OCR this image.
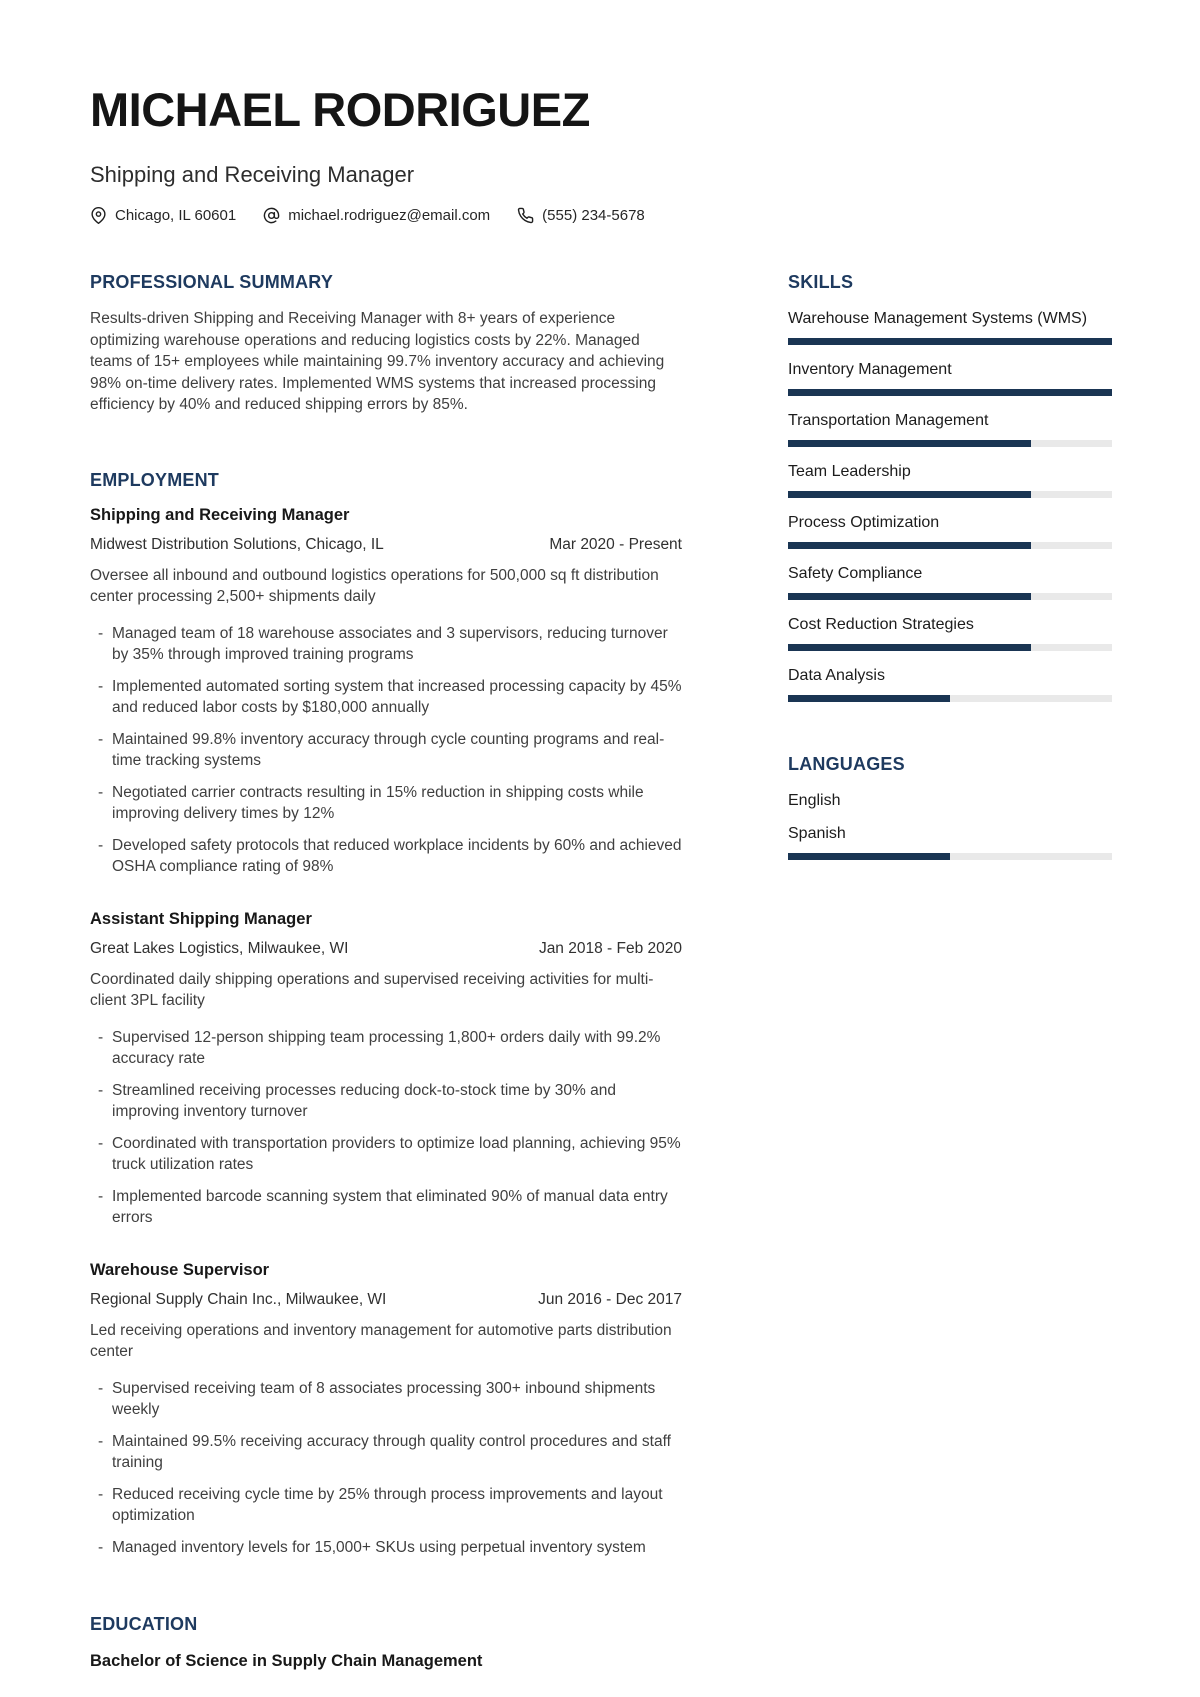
MICHAEL RODRIGUEZ
Shipping and Receiving Manager
Chicago, IL 60601	michael.rodriguez@email.com	(555) 234-5678
PROFESSIONAL SUMMARY

Results-driven Shipping and Receiving Manager with 8+ years of experience optimizing warehouse operations and reducing logistics costs by 22%. Managed teams of 15+ employees while maintaining 99.7% inventory accuracy and achieving 98% on-time delivery rates. Implemented WMS systems that increased processing efficiency by 40% and reduced shipping errors by 85%.

EMPLOYMENT
Shipping and Receiving Manager
Midwest Distribution Solutions, Chicago, IL	Mar 2020 - Present

Oversee all inbound and outbound logistics operations for 500,000 sq ft distribution center processing 2,500+ shipments daily

- Managed team of 18 warehouse associates and 3 supervisors, reducing turnover by 35% through improved training programs
- Implemented automated sorting system that increased processing capacity by 45% and reduced labor costs by $180,000 annually
- Maintained 99.8% inventory accuracy through cycle counting programs and real-time tracking systems
- Negotiated carrier contracts resulting in 15% reduction in shipping costs while improving delivery times by 12%
- Developed safety protocols that reduced workplace incidents by 60% and achieved OSHA compliance rating of 98%
Assistant Shipping Manager
Great Lakes Logistics, Milwaukee, WI	Jan 2018 - Feb 2020

Coordinated daily shipping operations and supervised receiving activities for multi-client 3PL facility

- Supervised 12-person shipping team processing 1,800+ orders daily with 99.2% accuracy rate
- Streamlined receiving processes reducing dock-to-stock time by 30% and improving inventory turnover
- Coordinated with transportation providers to optimize load planning, achieving 95% truck utilization rates
- Implemented barcode scanning system that eliminated 90% of manual data entry errors
Warehouse Supervisor
Regional Supply Chain Inc., Milwaukee, WI	Jun 2016 - Dec 2017

Led receiving operations and inventory management for automotive parts distribution center

- Supervised receiving team of 8 associates processing 300+ inbound shipments weekly
- Maintained 99.5% receiving accuracy through quality control procedures and staff training
- Reduced receiving cycle time by 25% through process improvements and layout optimization
- Managed inventory levels for 15,000+ SKUs using perpetual inventory system
EDUCATION
Bachelor of Science in Supply Chain Management
SKILLS
Warehouse Management Systems (WMS)
Inventory Management
Transportation Management
Team Leadership
Process Optimization
Safety Compliance
Cost Reduction Strategies
Data Analysis
LANGUAGES
English
Spanish
